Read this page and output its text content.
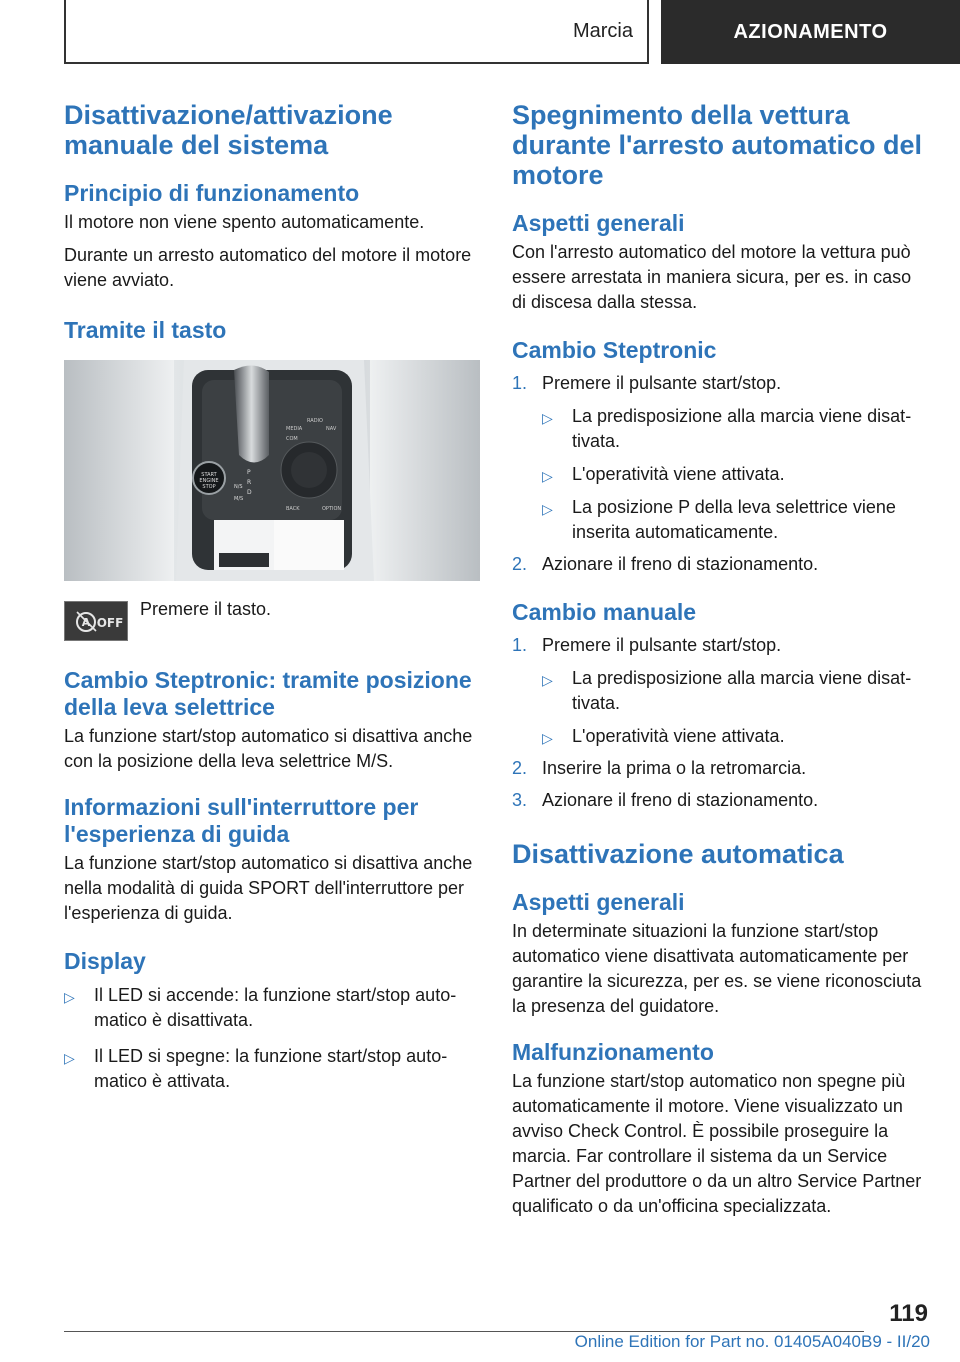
Marcia	AZIONAMENTO
Disattivazione/attivazione manuale del sistema
Principio di funzionamento

Il motore non viene spento automaticamente.

Durante un arresto automatico del motore il motore viene avviato.

Tramite il tasto
START
ENGINE
STOP	N/S
M/S
P
R
D
MEDIA
RADIO
NAV
COM
BACK	OPTION
A OFF

Premere il tasto.

Cambio Steptronic: tramite posizione della leva selettrice

La funzione start/stop automatico si disattiva anche con la posizione della leva selettrice M/S.

Informazioni sull'interruttore per l'esperienza di guida

La funzione start/stop automatico si disattiva anche nella modalità di guida SPORT dell'interruttore per l'esperienza di guida.

Display
▷ Il LED si accende: la funzione start/stop automatico è disattivata.
▷ Il LED si spegne: la funzione start/stop automatico è attivata.
Spegnimento della vettura durante l'arresto automatico del motore
Aspetti generali

Con l'arresto automatico del motore la vettura può essere arrestata in maniera sicura, per es. in caso di discesa dalla stessa.

Cambio Steptronic
1. Premere il pulsante start/stop.
▷ La predisposizione alla marcia viene disattivata.
▷ L'operatività viene attivata.
▷ La posizione P della leva selettrice viene inserita automaticamente.
2. Azionare il freno di stazionamento.
Cambio manuale
1. Premere il pulsante start/stop.
▷ La predisposizione alla marcia viene disattivata.
▷ L'operatività viene attivata.
2. Inserire la prima o la retromarcia.
3. Azionare il freno di stazionamento.
Disattivazione automatica
Aspetti generali

In determinate situazioni la funzione start/stop automatico viene disattivata automaticamente per garantire la sicurezza, per es. se viene riconosciuta la presenza del guidatore.

Malfunzionamento

La funzione start/stop automatico non spegne più automaticamente il motore. Viene visualizzato un avviso Check Control. È possibile proseguire la marcia. Far controllare il sistema da un Service Partner del produttore o da un altro Service Partner qualificato o da un'officina specializzata.

119
Online Edition for Part no. 01405A040B9 - II/20
